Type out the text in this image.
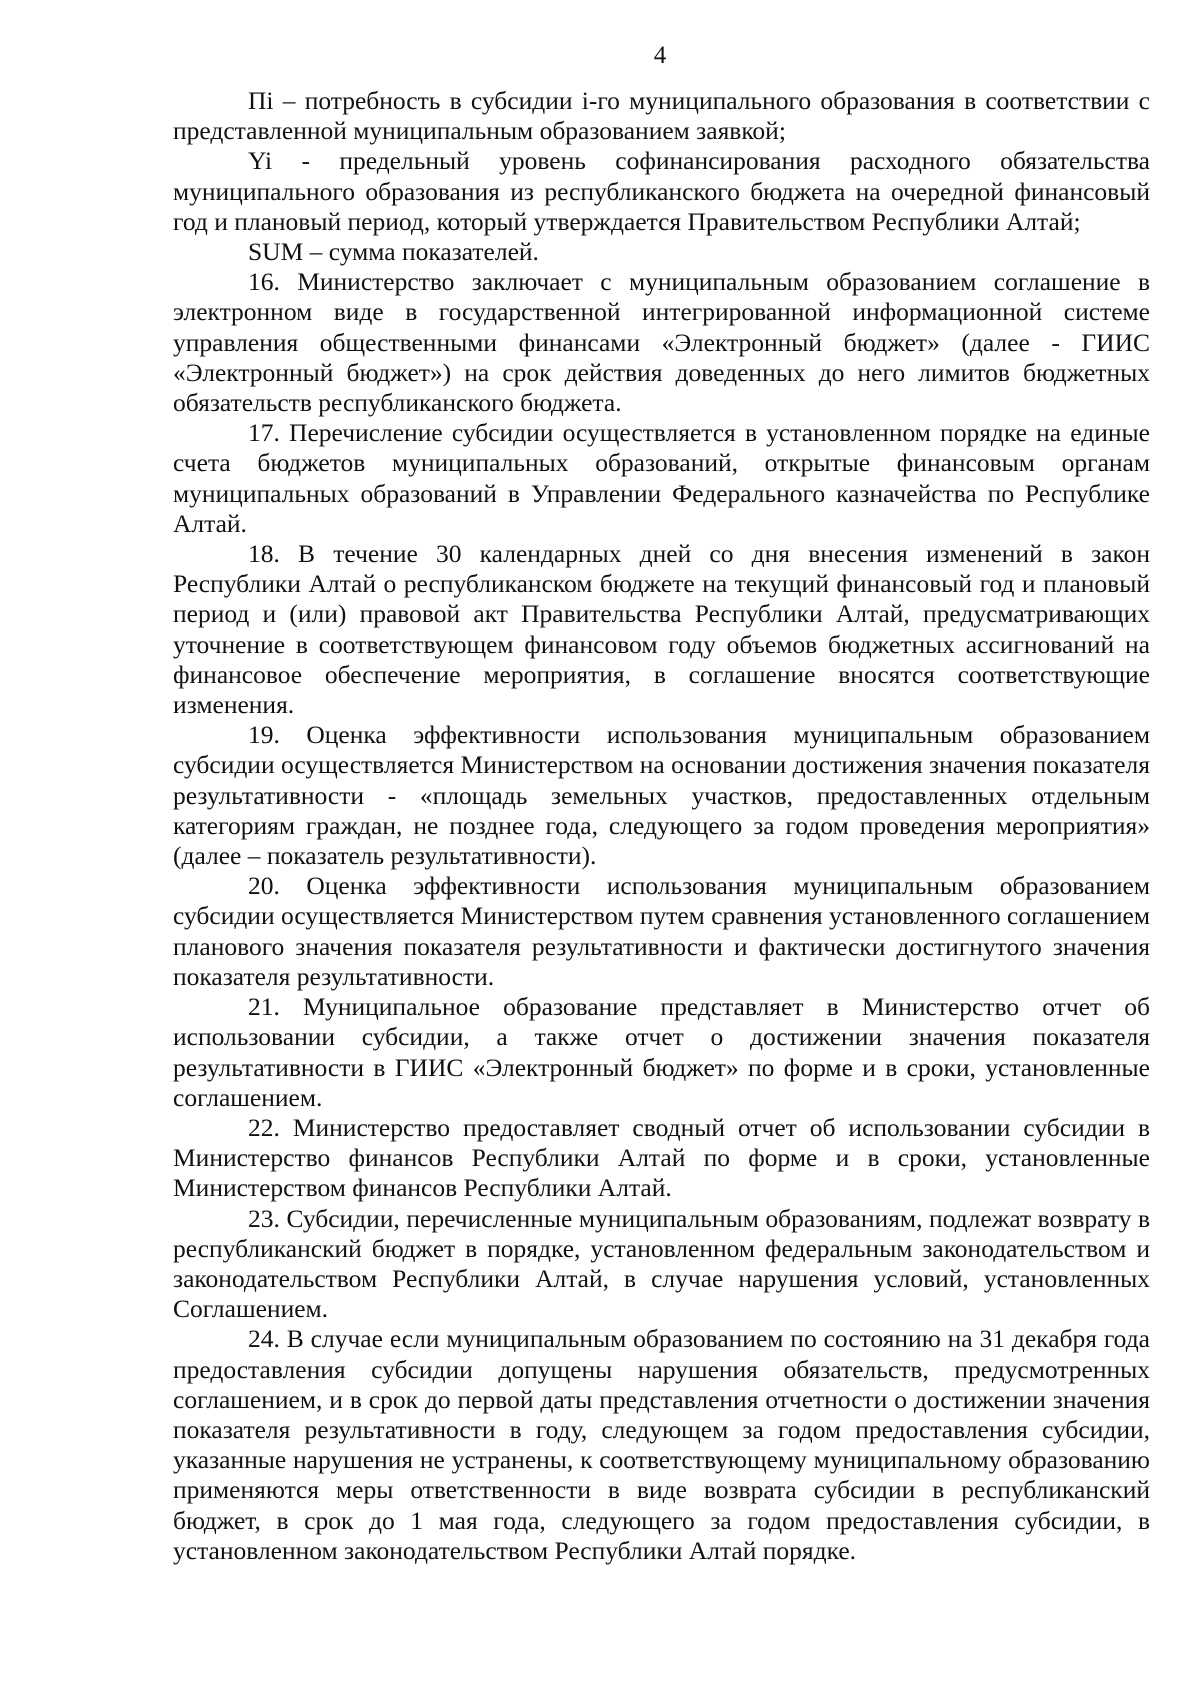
4

Пi – потребность в субсидии i-го муниципального образования в соответствии с представленной муниципальным образованием заявкой;

Yi - предельный уровень софинансирования расходного обязательства муниципального образования из республиканского бюджета на очередной финансовый год и плановый период, который утверждается Правительством Республики Алтай;

SUM – сумма показателей.

16. Министерство заключает с муниципальным образованием соглашение в электронном виде в государственной интегрированной информационной системе управления общественными финансами «Электронный бюджет» (далее - ГИИС «Электронный бюджет») на срок действия доведенных до него лимитов бюджетных обязательств республиканского бюджета.

17. Перечисление субсидии осуществляется в установленном порядке на единые счета бюджетов муниципальных образований, открытые финансовым органам муниципальных образований в Управлении Федерального казначейства по Республике Алтай.

18. В течение 30 календарных дней со дня внесения изменений в закон Республики Алтай о республиканском бюджете на текущий финансовый год и плановый период и (или) правовой акт Правительства Республики Алтай, предусматривающих уточнение в соответствующем финансовом году объемов бюджетных ассигнований на финансовое обеспечение мероприятия, в соглашение вносятся соответствующие изменения.

19. Оценка эффективности использования муниципальным образованием субсидии осуществляется Министерством на основании достижения значения показателя результативности - «площадь земельных участков, предоставленных отдельным категориям граждан, не позднее года, следующего за годом проведения мероприятия» (далее – показатель результативности).

20. Оценка эффективности использования муниципальным образованием субсидии осуществляется Министерством путем сравнения установленного соглашением планового значения показателя результативности и фактически достигнутого значения показателя результативности.

21. Муниципальное образование представляет в Министерство отчет об использовании субсидии, а также отчет о достижении значения показателя результативности в ГИИС «Электронный бюджет» по форме и в сроки, установленные соглашением.

22. Министерство предоставляет сводный отчет об использовании субсидии в Министерство финансов Республики Алтай по форме и в сроки, установленные Министерством финансов Республики Алтай.

23. Субсидии, перечисленные муниципальным образованиям, подлежат возврату в республиканский бюджет в порядке, установленном федеральным законодательством и законодательством Республики Алтай, в случае нарушения условий, установленных Соглашением.

24. В случае если муниципальным образованием по состоянию на 31 декабря года предоставления субсидии допущены нарушения обязательств, предусмотренных соглашением, и в срок до первой даты представления отчетности о достижении значения показателя результативности в году, следующем за годом предоставления субсидии, указанные нарушения не устранены, к соответствующему муниципальному образованию применяются меры ответственности в виде возврата субсидии в республиканский бюджет, в срок до 1 мая года, следующего за годом предоставления субсидии, в установленном законодательством Республики Алтай порядке.
